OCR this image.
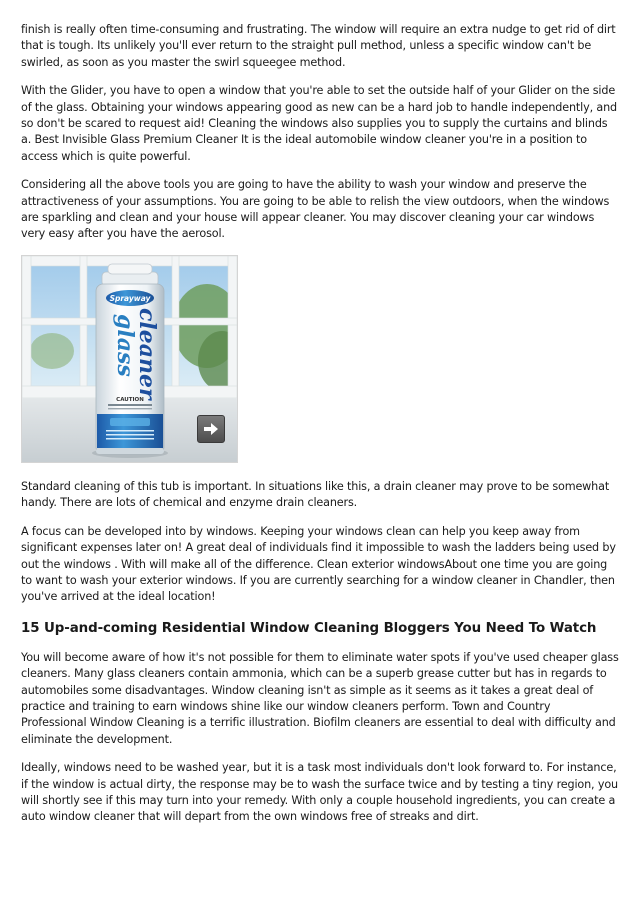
finish is really often time-consuming and frustrating. The window will require an extra nudge to get rid of dirt that is tough. Its unlikely you'll ever return to the straight pull method, unless a specific window can't be swirled, as soon as you master the swirl squeegee method.

With the Glider, you have to open a window that you're able to set the outside half of your Glider on the side of the glass. Obtaining your windows appearing good as new can be a hard job to handle independently, and so don't be scared to request aid! Cleaning the windows also supplies you to supply the curtains and blinds a. Best Invisible Glass Premium Cleaner It is the ideal automobile window cleaner you're in a position to access which is quite powerful.

Considering all the above tools you are going to have the ability to wash your window and preserve the attractiveness of your assumptions. You are going to be able to relish the view outdoors, when the windows are sparkling and clean and your house will appear cleaner. You may discover cleaning your car windows very easy after you have the aerosol.

Sprayway
glass
cleaner
CAUTION

Standard cleaning of this tub is important. In situations like this, a drain cleaner may prove to be somewhat handy. There are lots of chemical and enzyme drain cleaners.

A focus can be developed into by windows. Keeping your windows clean can help you keep away from significant expenses later on! A great deal of individuals find it impossible to wash the ladders being used by out the windows . With will make all of the difference. Clean exterior windowsAbout one time you are going to want to wash your exterior windows. If you are currently searching for a window cleaner in Chandler, then you've arrived at the ideal location!

15 Up-and-coming Residential Window Cleaning Bloggers You Need To Watch

You will become aware of how it's not possible for them to eliminate water spots if you've used cheaper glass cleaners. Many glass cleaners contain ammonia, which can be a superb grease cutter but has in regards to automobiles some disadvantages. Window cleaning isn't as simple as it seems as it takes a great deal of practice and training to earn windows shine like our window cleaners perform. Town and Country Professional Window Cleaning is a terrific illustration. Biofilm cleaners are essential to deal with difficulty and eliminate the development.

Ideally, windows need to be washed year, but it is a task most individuals don't look forward to. For instance, if the window is actual dirty, the response may be to wash the surface twice and by testing a tiny region, you will shortly see if this may turn into your remedy. With only a couple household ingredients, you can create a auto window cleaner that will depart from the own windows free of streaks and dirt.
